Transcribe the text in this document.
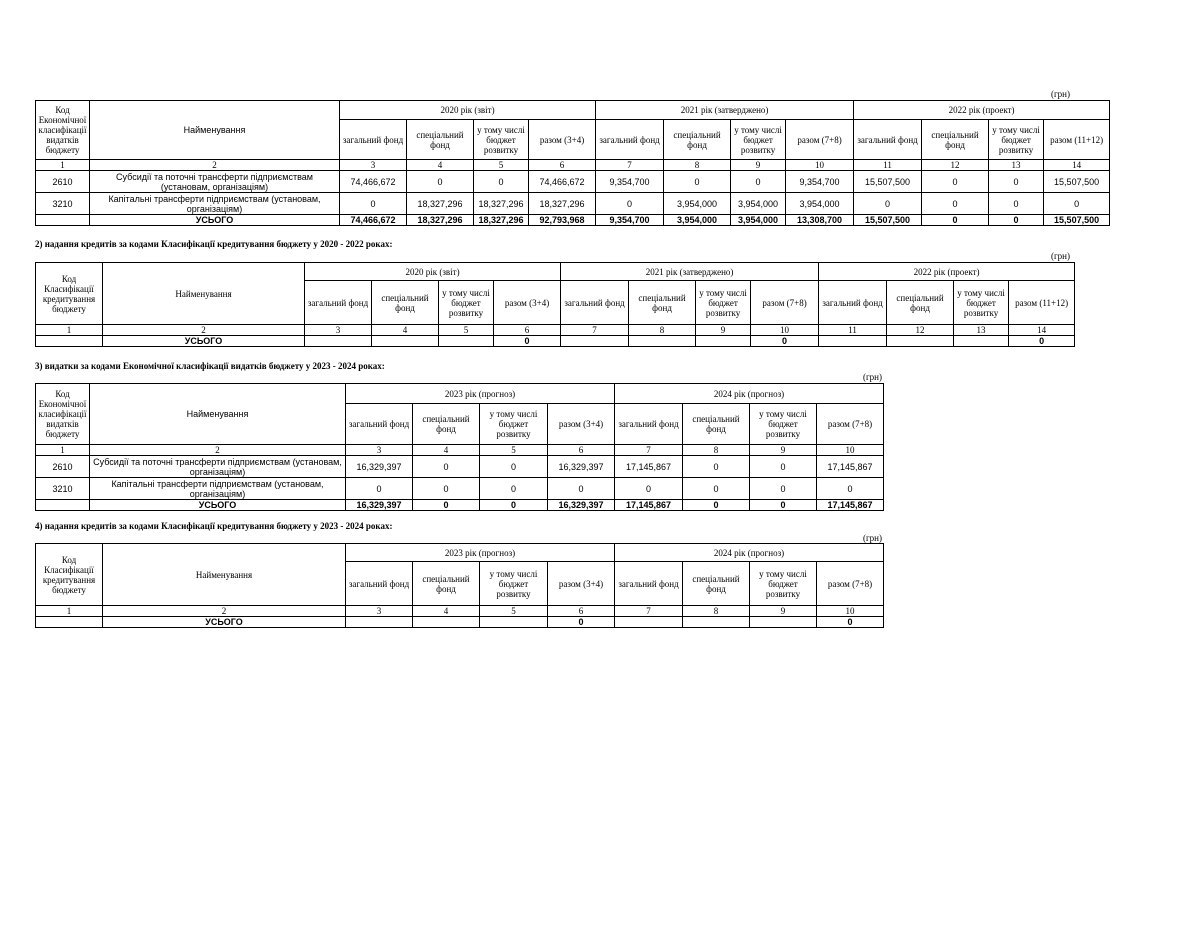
(грн)
Код Економічної класифікації видатків бюджету	Найменування	2020 рік (звіт)				2021 рік (затверджено)				2022 рік (проект)			
		загальний фонд	спеціальний фонд	у тому числі бюджет розвитку	разом (3+4)	загальний фонд	спеціальний фонд	у тому числі бюджет розвитку	разом (7+8)	загальний фонд	спеціальний фонд	у тому числі бюджет розвитку	разом (11+12)
1	2	3	4	5	6	7	8	9	10	11	12	13	14
2610	Субсидії та поточні трансферти підприємствам (установам, організаціям)	74,466,672	0	0	74,466,672	9,354,700	0	0	9,354,700	15,507,500	0	0	15,507,500
3210	Капітальні трансферти підприємствам (установам, організаціям)	0	18,327,296	18,327,296	18,327,296	0	3,954,000	3,954,000	3,954,000	0	0	0	0
	УСЬОГО	74,466,672	18,327,296	18,327,296	92,793,968	9,354,700	3,954,000	3,954,000	13,308,700	15,507,500	0	0	15,507,500
2) надання кредитів за кодами Класифікації кредитування бюджету у 2020 - 2022 роках:
(грн)
Код Класифікації кредитування бюджету	Найменування	2020 рік (звіт)				2021 рік (затверджено)				2022 рік (проект)			
		загальний фонд	спеціальний фонд	у тому числі бюджет розвитку	разом (3+4)	загальний фонд	спеціальний фонд	у тому числі бюджет розвитку	разом (7+8)	загальний фонд	спеціальний фонд	у тому числі бюджет розвитку	разом (11+12)
1	2	3	4	5	6	7	8	9	10	11	12	13	14
	УСЬОГО				0				0				0
3) видатки за кодами Економічної класифікації видатків бюджету у 2023 - 2024 роках:
(грн)
Код Економічної класифікації видатків бюджету	Найменування	2023 рік (прогноз)				2024 рік (прогноз)			
		загальний фонд	спеціальний фонд	у тому числі бюджет розвитку	разом (3+4)	загальний фонд	спеціальний фонд	у тому числі бюджет розвитку	разом (7+8)
1	2	3	4	5	6	7	8	9	10
2610	Субсидії та поточні трансферти підприємствам (установам, організаціям)	16,329,397	0	0	16,329,397	17,145,867	0	0	17,145,867
3210	Капітальні трансферти підприємствам (установам, організаціям)	0	0	0	0	0	0	0	0
	УСЬОГО	16,329,397	0	0	16,329,397	17,145,867	0	0	17,145,867
4) надання кредитів за кодами Класифікації кредитування бюджету у 2023 - 2024 роках:
(грн)
Код Класифікації кредитування бюджету	Найменування	2023 рік (прогноз)				2024 рік (прогноз)			
		загальний фонд	спеціальний фонд	у тому числі бюджет розвитку	разом (3+4)	загальний фонд	спеціальний фонд	у тому числі бюджет розвитку	разом (7+8)
1	2	3	4	5	6	7	8	9	10
	УСЬОГО				0				0
